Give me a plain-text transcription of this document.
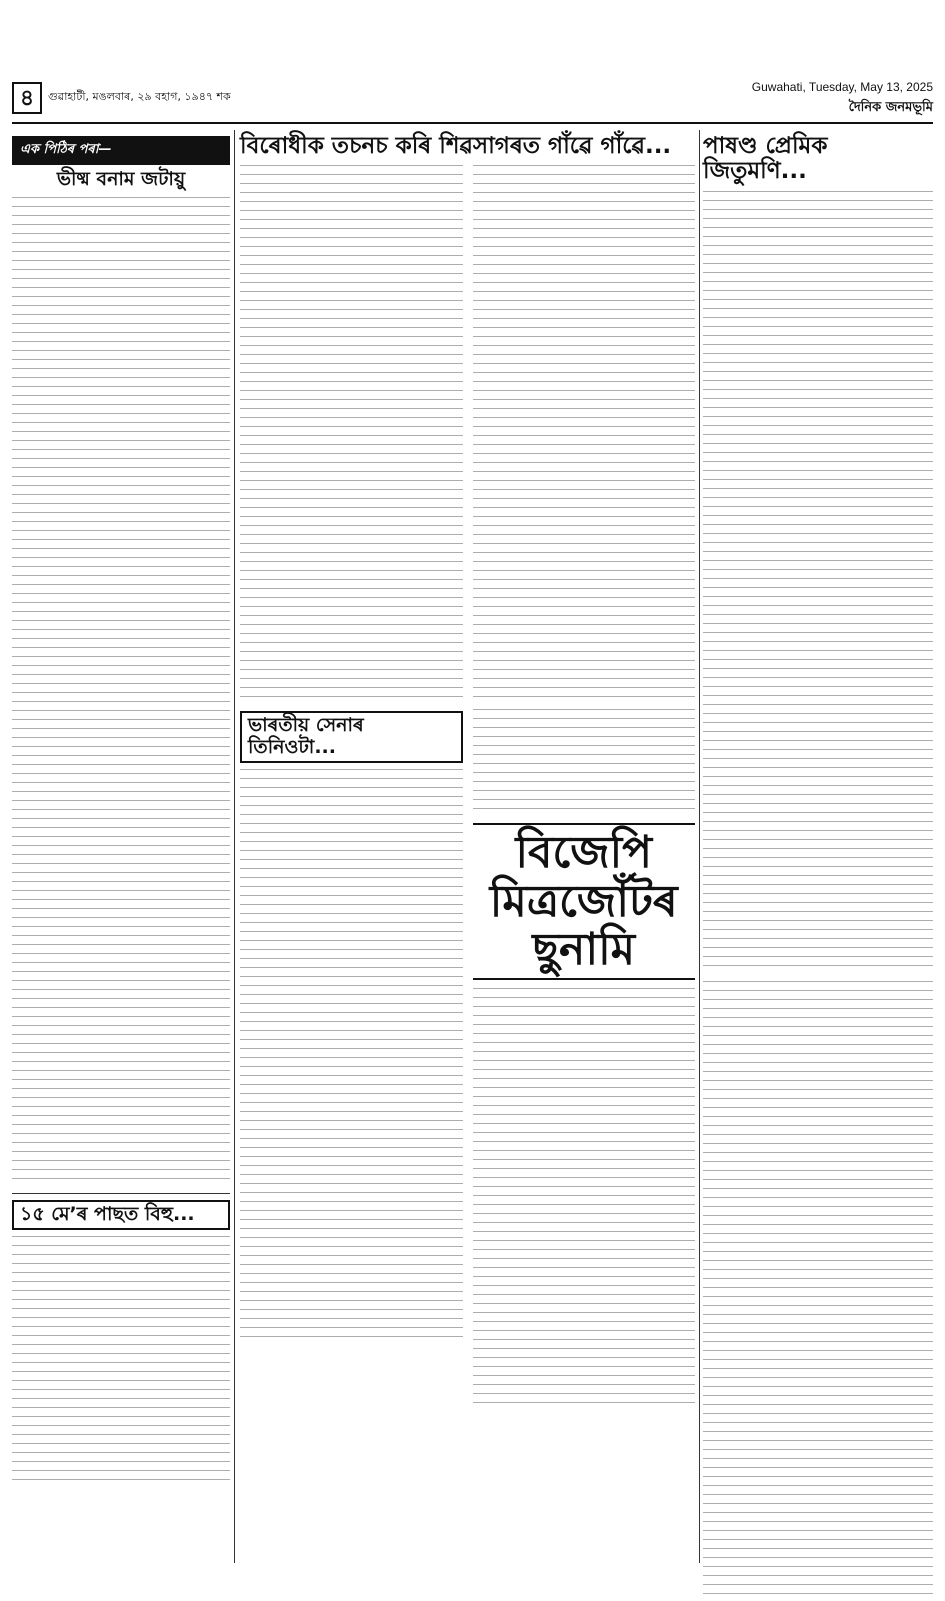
৪	গুৱাহাটী, মঙলবাৰ, ২৯ বহাগ, ১৯৪৭ শক
Guwahati, Tuesday, May 13, 2025
দৈনিক জনমভূমি
এক পিঠিৰ পৰা—
ভীষ্ম বনাম জটায়ু
১৫ মে’ৰ পাছত বিহু...
বিৰোধীক তচনচ কৰি শিৱসাগৰত গাঁৱে গাঁৱে...
ভাৰতীয় সেনাৰ তিনিওটা...
বিজেপি মিত্ৰজোঁটৰ ছুনামি
পাষণ্ড প্ৰেমিক জিতুমণি...
